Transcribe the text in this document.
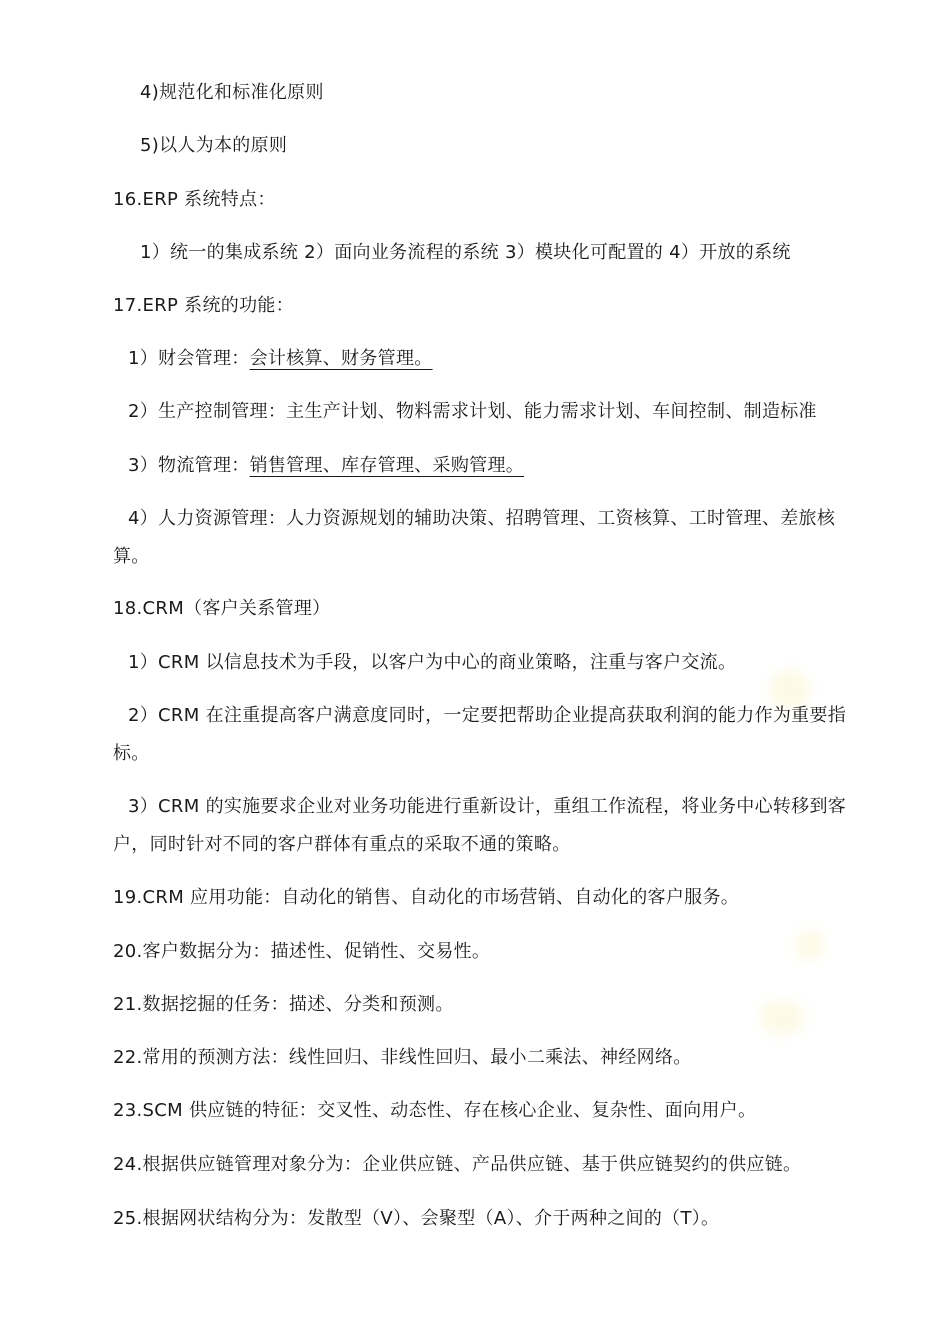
4)规范化和标准化原则
5)以人为本的原则
16.ERP 系统特点：
1）统一的集成系统 2）面向业务流程的系统 3）模块化可配置的 4）开放的系统
17.ERP 系统的功能：
1）财会管理：会计核算、财务管理。
2）生产控制管理：主生产计划、物料需求计划、能力需求计划、车间控制、制造标准
3）物流管理：销售管理、库存管理、采购管理。
4）人力资源管理：人力资源规划的辅助决策、招聘管理、工资核算、工时管理、差旅核算。
18.CRM（客户关系管理）
1）CRM 以信息技术为手段，以客户为中心的商业策略，注重与客户交流。
2）CRM 在注重提高客户满意度同时，一定要把帮助企业提高获取利润的能力作为重要指标。
3）CRM 的实施要求企业对业务功能进行重新设计，重组工作流程，将业务中心转移到客户，同时针对不同的客户群体有重点的采取不通的策略。
19.CRM 应用功能：自动化的销售、自动化的市场营销、自动化的客户服务。
20.客户数据分为：描述性、促销性、交易性。
21.数据挖掘的任务：描述、分类和预测。
22.常用的预测方法：线性回归、非线性回归、最小二乘法、神经网络。
23.SCM 供应链的特征：交叉性、动态性、存在核心企业、复杂性、面向用户。
24.根据供应链管理对象分为：企业供应链、产品供应链、基于供应链契约的供应链。
25.根据网状结构分为：发散型（V）、会聚型（A）、介于两种之间的（T）。
